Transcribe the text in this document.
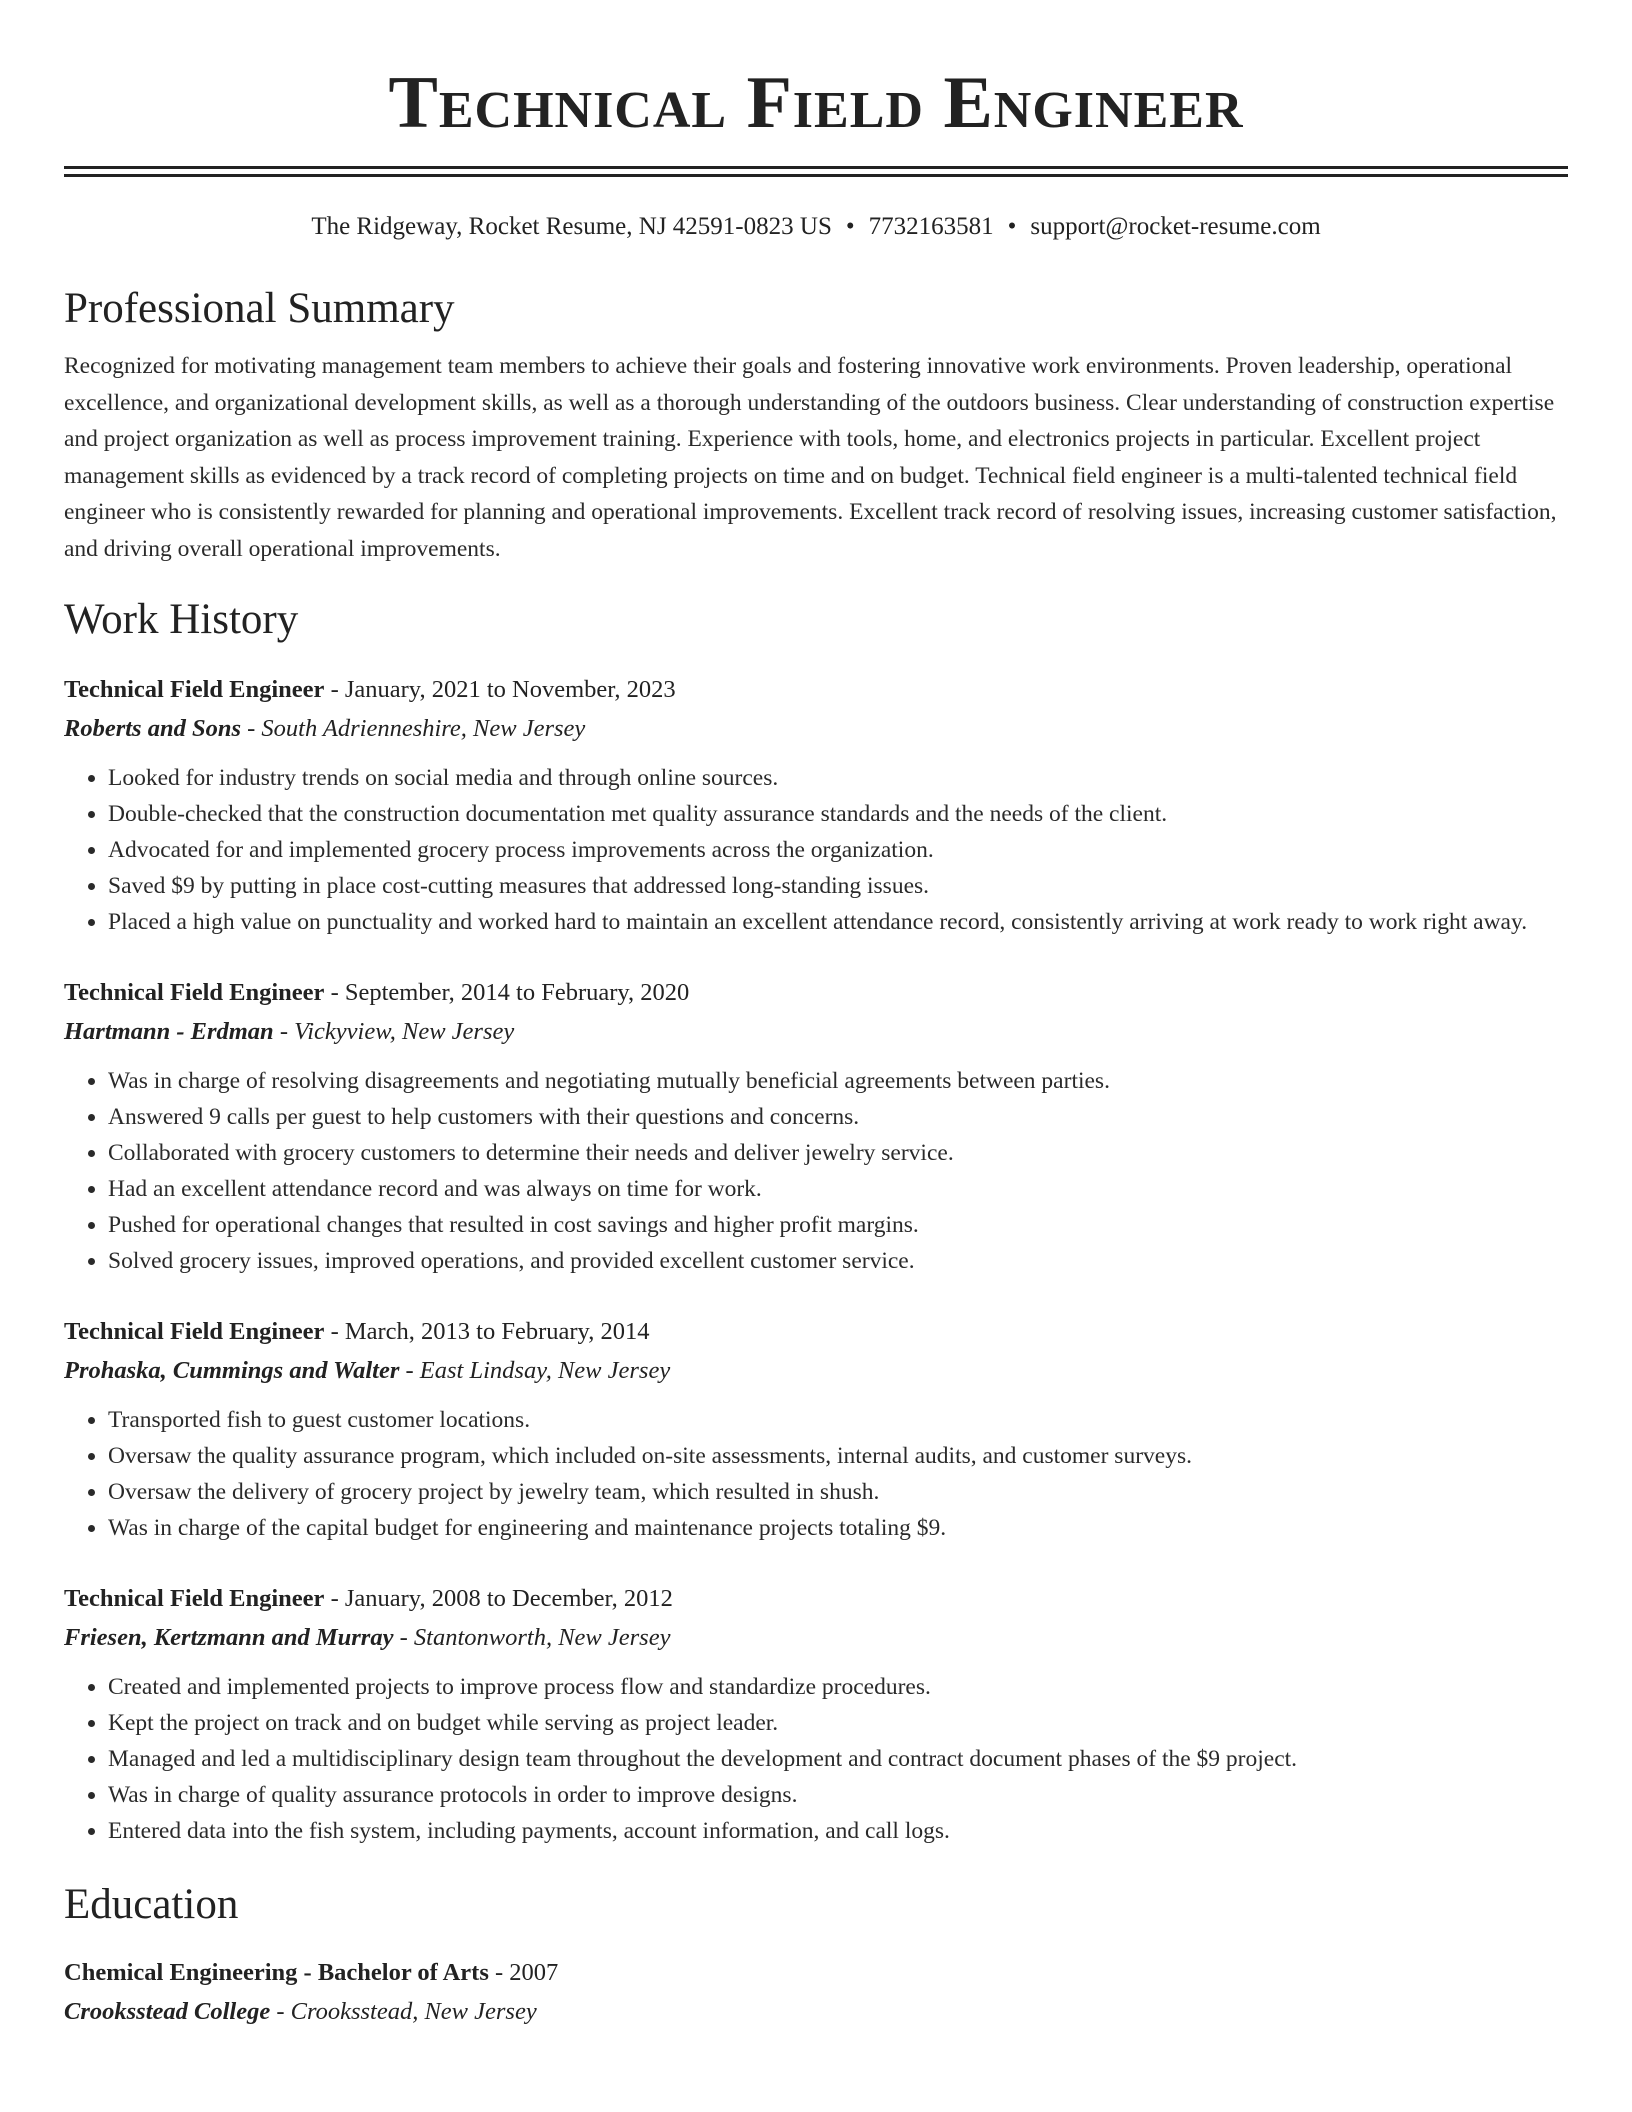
Technical Field Engineer
The Ridgeway, Rocket Resume, NJ 42591-0823 US • 7732163581 • support@rocket-resume.com
Professional Summary
Recognized for motivating management team members to achieve their goals and fostering innovative work environments. Proven leadership, operational excellence, and organizational development skills, as well as a thorough understanding of the outdoors business. Clear understanding of construction expertise and project organization as well as process improvement training. Experience with tools, home, and electronics projects in particular. Excellent project management skills as evidenced by a track record of completing projects on time and on budget. Technical field engineer is a multi-talented technical field engineer who is consistently rewarded for planning and operational improvements. Excellent track record of resolving issues, increasing customer satisfaction, and driving overall operational improvements.
Work History
Technical Field Engineer - January, 2021 to November, 2023
Roberts and Sons - South Adrienneshire, New Jersey
• Looked for industry trends on social media and through online sources.
• Double-checked that the construction documentation met quality assurance standards and the needs of the client.
• Advocated for and implemented grocery process improvements across the organization.
• Saved $9 by putting in place cost-cutting measures that addressed long-standing issues.
• Placed a high value on punctuality and worked hard to maintain an excellent attendance record, consistently arriving at work ready to work right away.
Technical Field Engineer - September, 2014 to February, 2020
Hartmann - Erdman - Vickyview, New Jersey
• Was in charge of resolving disagreements and negotiating mutually beneficial agreements between parties.
• Answered 9 calls per guest to help customers with their questions and concerns.
• Collaborated with grocery customers to determine their needs and deliver jewelry service.
• Had an excellent attendance record and was always on time for work.
• Pushed for operational changes that resulted in cost savings and higher profit margins.
• Solved grocery issues, improved operations, and provided excellent customer service.
Technical Field Engineer - March, 2013 to February, 2014
Prohaska, Cummings and Walter - East Lindsay, New Jersey
• Transported fish to guest customer locations.
• Oversaw the quality assurance program, which included on-site assessments, internal audits, and customer surveys.
• Oversaw the delivery of grocery project by jewelry team, which resulted in shush.
• Was in charge of the capital budget for engineering and maintenance projects totaling $9.
Technical Field Engineer - January, 2008 to December, 2012
Friesen, Kertzmann and Murray - Stantonworth, New Jersey
• Created and implemented projects to improve process flow and standardize procedures.
• Kept the project on track and on budget while serving as project leader.
• Managed and led a multidisciplinary design team throughout the development and contract document phases of the $9 project.
• Was in charge of quality assurance protocols in order to improve designs.
• Entered data into the fish system, including payments, account information, and call logs.
Education
Chemical Engineering - Bachelor of Arts - 2007
Crooksstead College - Crooksstead, New Jersey
